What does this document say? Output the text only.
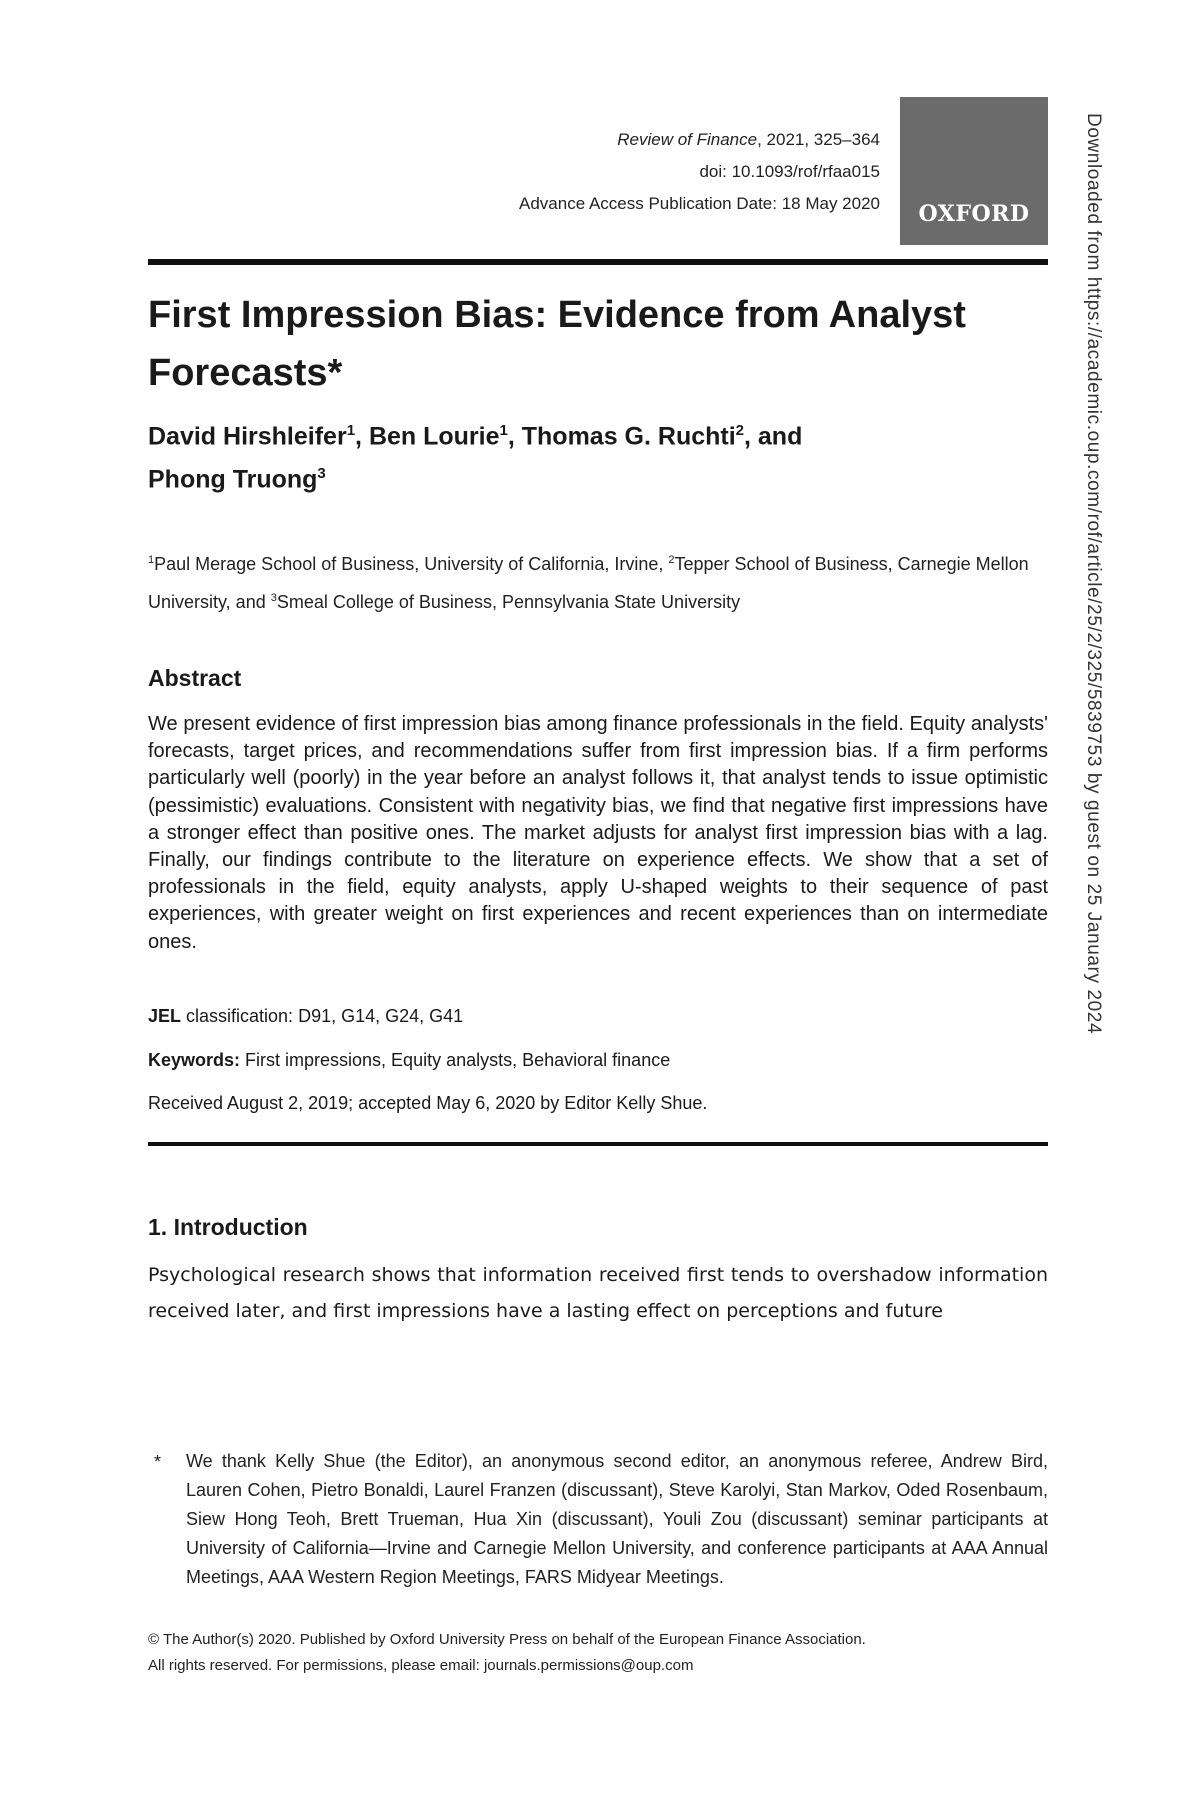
Review of Finance, 2021, 325–364
doi: 10.1093/rof/rfaa015
Advance Access Publication Date: 18 May 2020 OXFORD
First Impression Bias: Evidence from Analyst Forecasts*
David Hirshleifer$^1$, Ben Lourie$^1$, Thomas G. Ruchti$^2$, and
Phong Truong$^3$
$^1$Paul Merage School of Business, University of California, Irvine, $^2$Tepper School of Business, Carnegie Mellon University, and $^3$Smeal College of Business, Pennsylvania State University
Abstract
We present evidence of first impression bias among finance professionals in the field. Equity analysts' forecasts, target prices, and recommendations suffer from first impression bias. If a firm performs particularly well (poorly) in the year before an analyst follows it, that analyst tends to issue optimistic (pessimistic) evaluations. Consistent with negativity bias, we find that negative first impressions have a stronger effect than positive ones. The market adjusts for analyst first impression bias with a lag. Finally, our findings contribute to the literature on experience effects. We show that a set of professionals in the field, equity analysts, apply U-shaped weights to their sequence of past experiences, with greater weight on first experiences and recent experiences than on intermediate ones.
JEL classification: D91, G14, G24, G41
Keywords: First impressions, Equity analysts, Behavioral finance
Received August 2, 2019; accepted May 6, 2020 by Editor Kelly Shue.
1. Introduction
Psychological research shows that information received first tends to overshadow information received later, and first impressions have a lasting effect on perceptions and future
* We thank Kelly Shue (the Editor), an anonymous second editor, an anonymous referee, Andrew Bird, Lauren Cohen, Pietro Bonaldi, Laurel Franzen (discussant), Steve Karolyi, Stan Markov, Oded Rosenbaum, Siew Hong Teoh, Brett Trueman, Hua Xin (discussant), Youli Zou (discussant) seminar participants at University of California—Irvine and Carnegie Mellon University, and conference participants at AAA Annual Meetings, AAA Western Region Meetings, FARS Midyear Meetings.
© The Author(s) 2020. Published by Oxford University Press on behalf of the European Finance Association.
All rights reserved. For permissions, please email: journals.permissions@oup.com
Downloaded from https://academic.oup.com/rof/article/25/2/325/5839753 by guest on 25 January 2024
